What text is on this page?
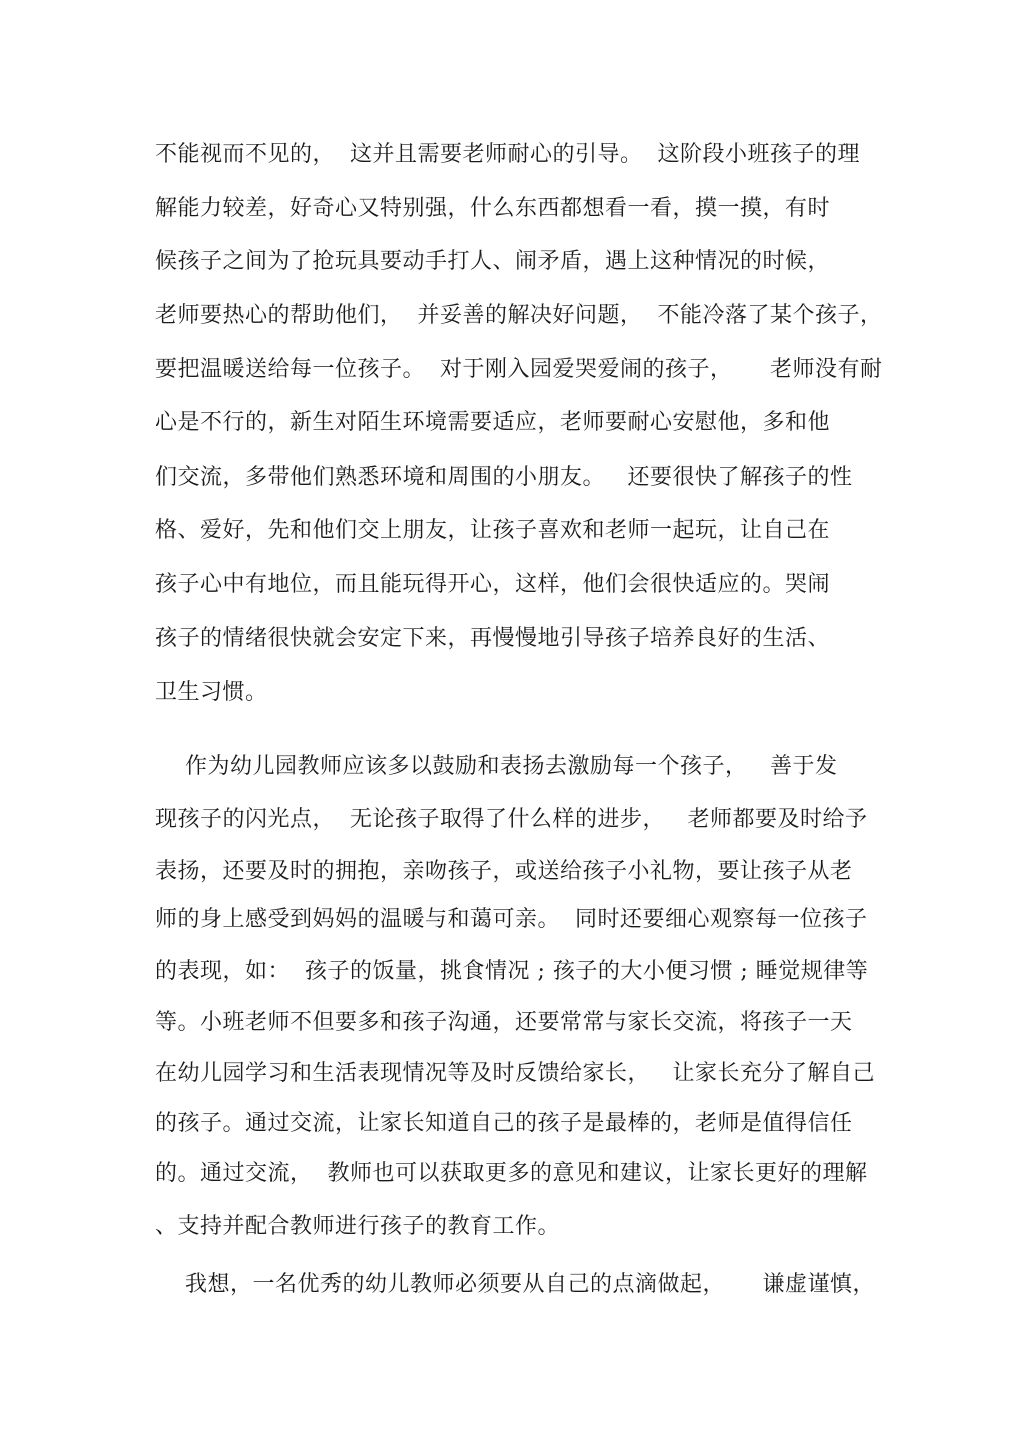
不能视而不见的，  这并且需要老师耐心的引导。  这阶段小班孩子的理
解能力较差，好奇心又特别强，什么东西都想看一看，摸一摸，有时
候孩子之间为了抢玩具要动手打人、闹矛盾，遇上这种情况的时候，
老师要热心的帮助他们，  并妥善的解决好问题，  不能冷落了某个孩子，
要把温暖送给每一位孩子。  对于刚入园爱哭爱闹的孩子，     老师没有耐
心是不行的，新生对陌生环境需要适应，老师要耐心安慰他，多和他
们交流，多带他们熟悉环境和周围的小朋友。   还要很快了解孩子的性
格、爱好，先和他们交上朋友，让孩子喜欢和老师一起玩，让自己在
孩子心中有地位，而且能玩得开心，这样，他们会很快适应的。哭闹
孩子的情绪很快就会安定下来，再慢慢地引导孩子培养良好的生活、
卫生习惯。
作为幼儿园教师应该多以鼓励和表扬去激励每一个孩子，   善于发
现孩子的闪光点，  无论孩子取得了什么样的进步，   老师都要及时给予
表扬，还要及时的拥抱，亲吻孩子，或送给孩子小礼物，要让孩子从老
师的身上感受到妈妈的温暖与和蔼可亲。  同时还要细心观察每一位孩子
的表现，如：  孩子的饭量，挑食情况 ; 孩子的大小便习惯 ; 睡觉规律等
等。小班老师不但要多和孩子沟通，还要常常与家长交流，将孩子一天
在幼儿园学习和生活表现情况等及时反馈给家长，   让家长充分了解自己
的孩子。通过交流，让家长知道自己的孩子是最棒的，老师是值得信任
的。通过交流，  教师也可以获取更多的意见和建议，让家长更好的理解
、支持并配合教师进行孩子的教育工作。
我想，一名优秀的幼儿教师必须要从自己的点滴做起，     谦虚谨慎，
